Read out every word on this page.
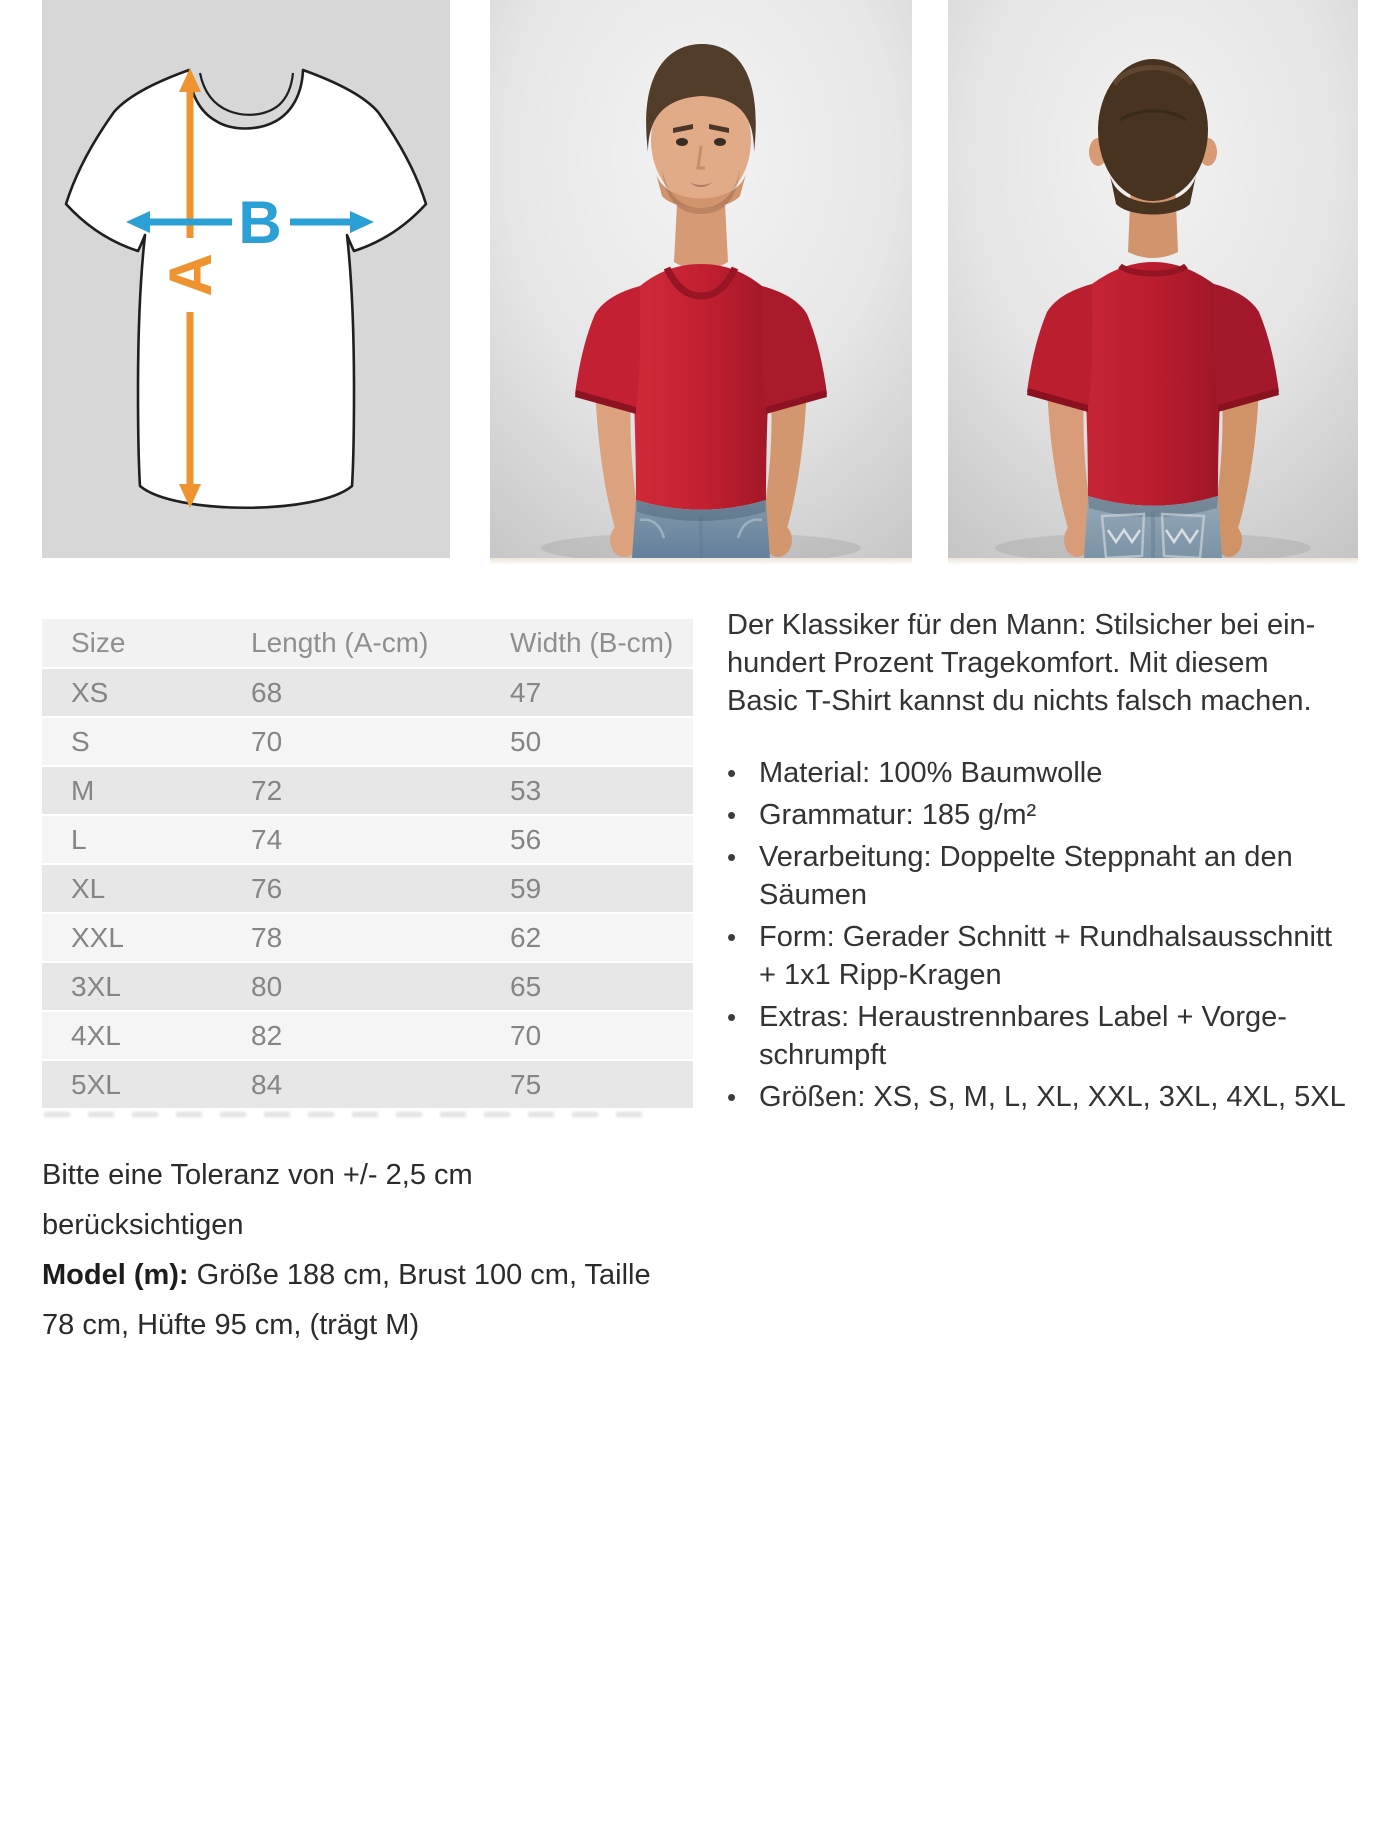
A
B
Size	Length (A-cm)	Width (B-cm)
XS	68	47
S	70	50
M	72	53
L	74	56
XL	76	59
XXL	78	62
3XL	80	65
4XL	82	70
5XL	84	75
Der Klassiker für den Mann: Stilsicher bei ein-
hundert Prozent Tragekomfort. Mit diesem
Basic T-Shirt kannst du nichts falsch machen.
• Material: 100% Baumwolle
• Grammatur: 185 g/m²
• Verarbeitung: Doppelte Steppnaht an den
Säumen
• Form: Gerader Schnitt + Rundhalsausschnitt
+ 1x1 Ripp-Kragen
• Extras: Heraustrennbares Label + Vorge-
schrumpft
• Größen: XS, S, M, L, XL, XXL, 3XL, 4XL, 5XL
Bitte eine Toleranz von +/- 2,5 cm berücksichtigen
Model (m): Größe 188 cm, Brust 100 cm, Taille
78 cm, Hüfte 95 cm, (trägt M)
